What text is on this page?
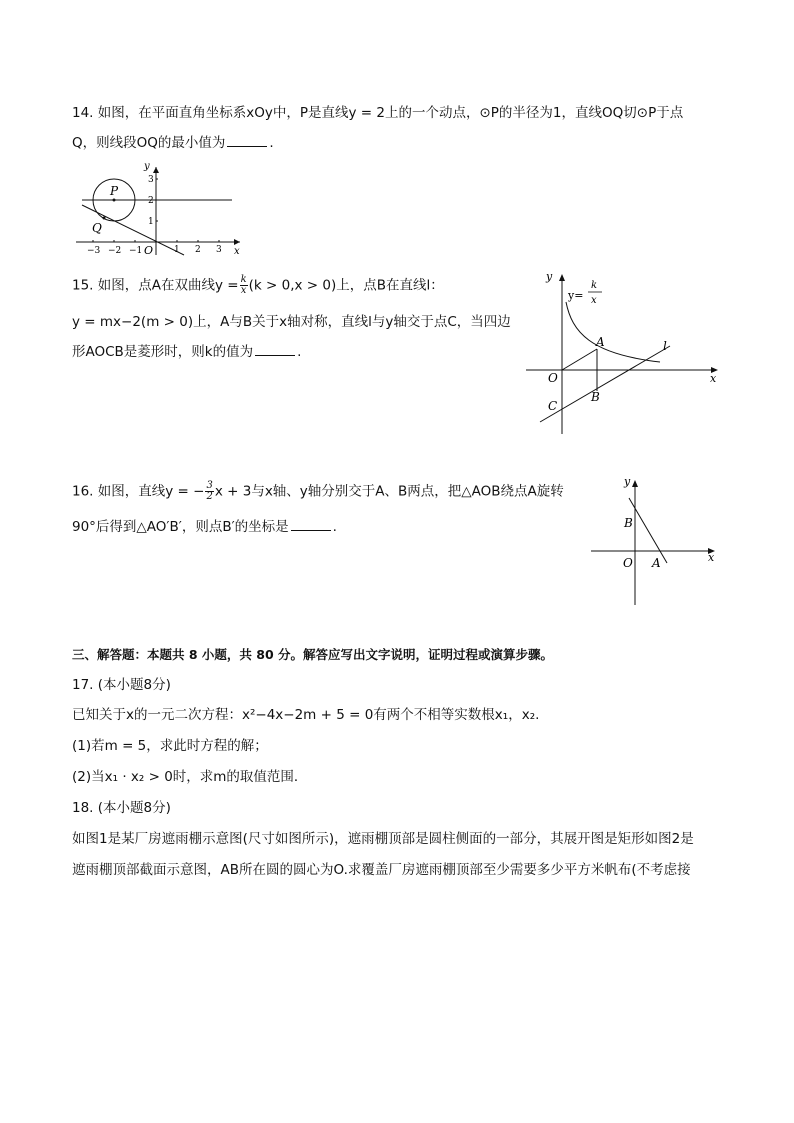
14. 如图，在平面直角坐标系xOy中，P是直线y = 2上的一个动点，⊙P的半径为1，直线OQ切⊙P于点
Q，则线段OQ的最小值为	.
−3 −2 −1	1 2 3
1
2
3
O	x
y
P
Q
15. 如图，点A在双曲线$y = \frac{k}{x} (k > 0,x > 0)$上，点B在直线l：
y = mx−2(m > 0)上，A与B关于x轴对称，直线l与y轴交于点C，当四边
形AOCB是菱形时，则k的值为	.
y=
k
x
l
x
y
O
A
B
C
16. 如图，直线y = − $\frac{3}{2}$ x + 3与x轴、y轴分别交于A、B两点，把△AOB绕点A旋转
90°后得到△AO′B′，则点B′的坐标是	.
x
y
O A
B
三、解答题：本题共 8 小题，共 80 分。解答应写出文字说明，证明过程或演算步骤。
17. (本小题8分)
已知关于x的一元二次方程：x²−4x−2m + 5 = 0有两个不相等实数根x₁，x₂.
(1)若m = 5，求此时方程的解；
(2)当x₁ · x₂ > 0时，求m的取值范围．
18. (本小题8分)
如图1是某厂房遮雨棚示意图(尺寸如图所示)，遮雨棚顶部是圆柱侧面的一部分，其展开图是矩形如图2是
遮雨棚顶部截面示意图，AB所在圆的圆心为O.求覆盖厂房遮雨棚顶部至少需要多少平方米帆布(不考虑接
